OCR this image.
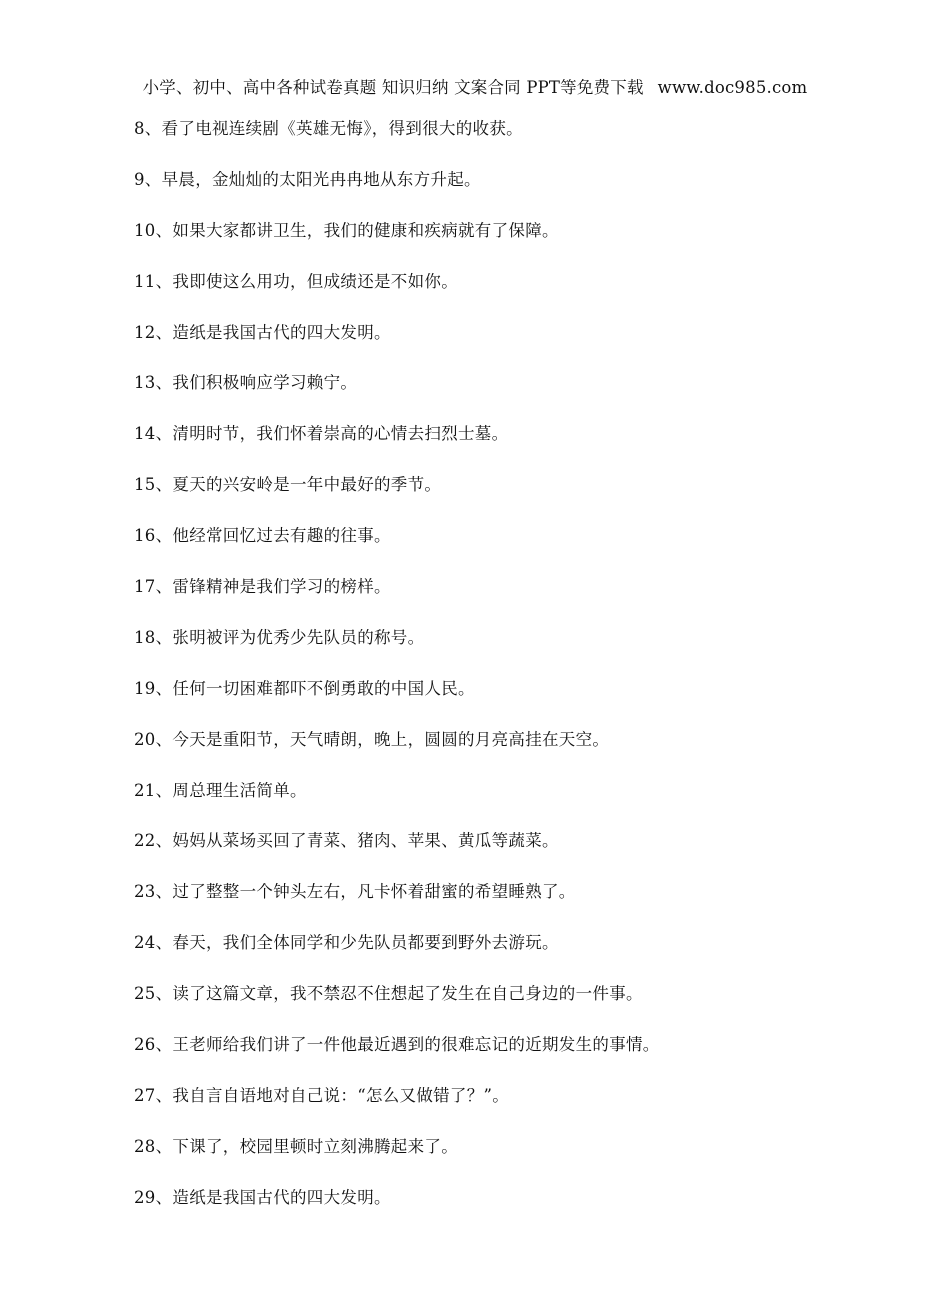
小学、初中、高中各种试卷真题 知识归纳 文案合同 PPT等免费下载 www.doc985.com
8、看了电视连续剧《英雄无悔》，得到很大的收获。
9、早晨，金灿灿的太阳光冉冉地从东方升起。
10、如果大家都讲卫生，我们的健康和疾病就有了保障。
11、我即使这么用功，但成绩还是不如你。
12、造纸是我国古代的四大发明。
13、我们积极响应学习赖宁。
14、清明时节，我们怀着崇高的心情去扫烈士墓。
15、夏天的兴安岭是一年中最好的季节。
16、他经常回忆过去有趣的往事。
17、雷锋精神是我们学习的榜样。
18、张明被评为优秀少先队员的称号。
19、任何一切困难都吓不倒勇敢的中国人民。
20、今天是重阳节，天气晴朗，晚上，圆圆的月亮高挂在天空。
21、周总理生活简单。
22、妈妈从菜场买回了青菜、猪肉、苹果、黄瓜等蔬菜。
23、过了整整一个钟头左右，凡卡怀着甜蜜的希望睡熟了。
24、春天，我们全体同学和少先队员都要到野外去游玩。
25、读了这篇文章，我不禁忍不住想起了发生在自己身边的一件事。
26、王老师给我们讲了一件他最近遇到的很难忘记的近期发生的事情。
27、我自言自语地对自己说：“怎么又做错了？”。
28、下课了，校园里顿时立刻沸腾起来了。
29、造纸是我国古代的四大发明。
